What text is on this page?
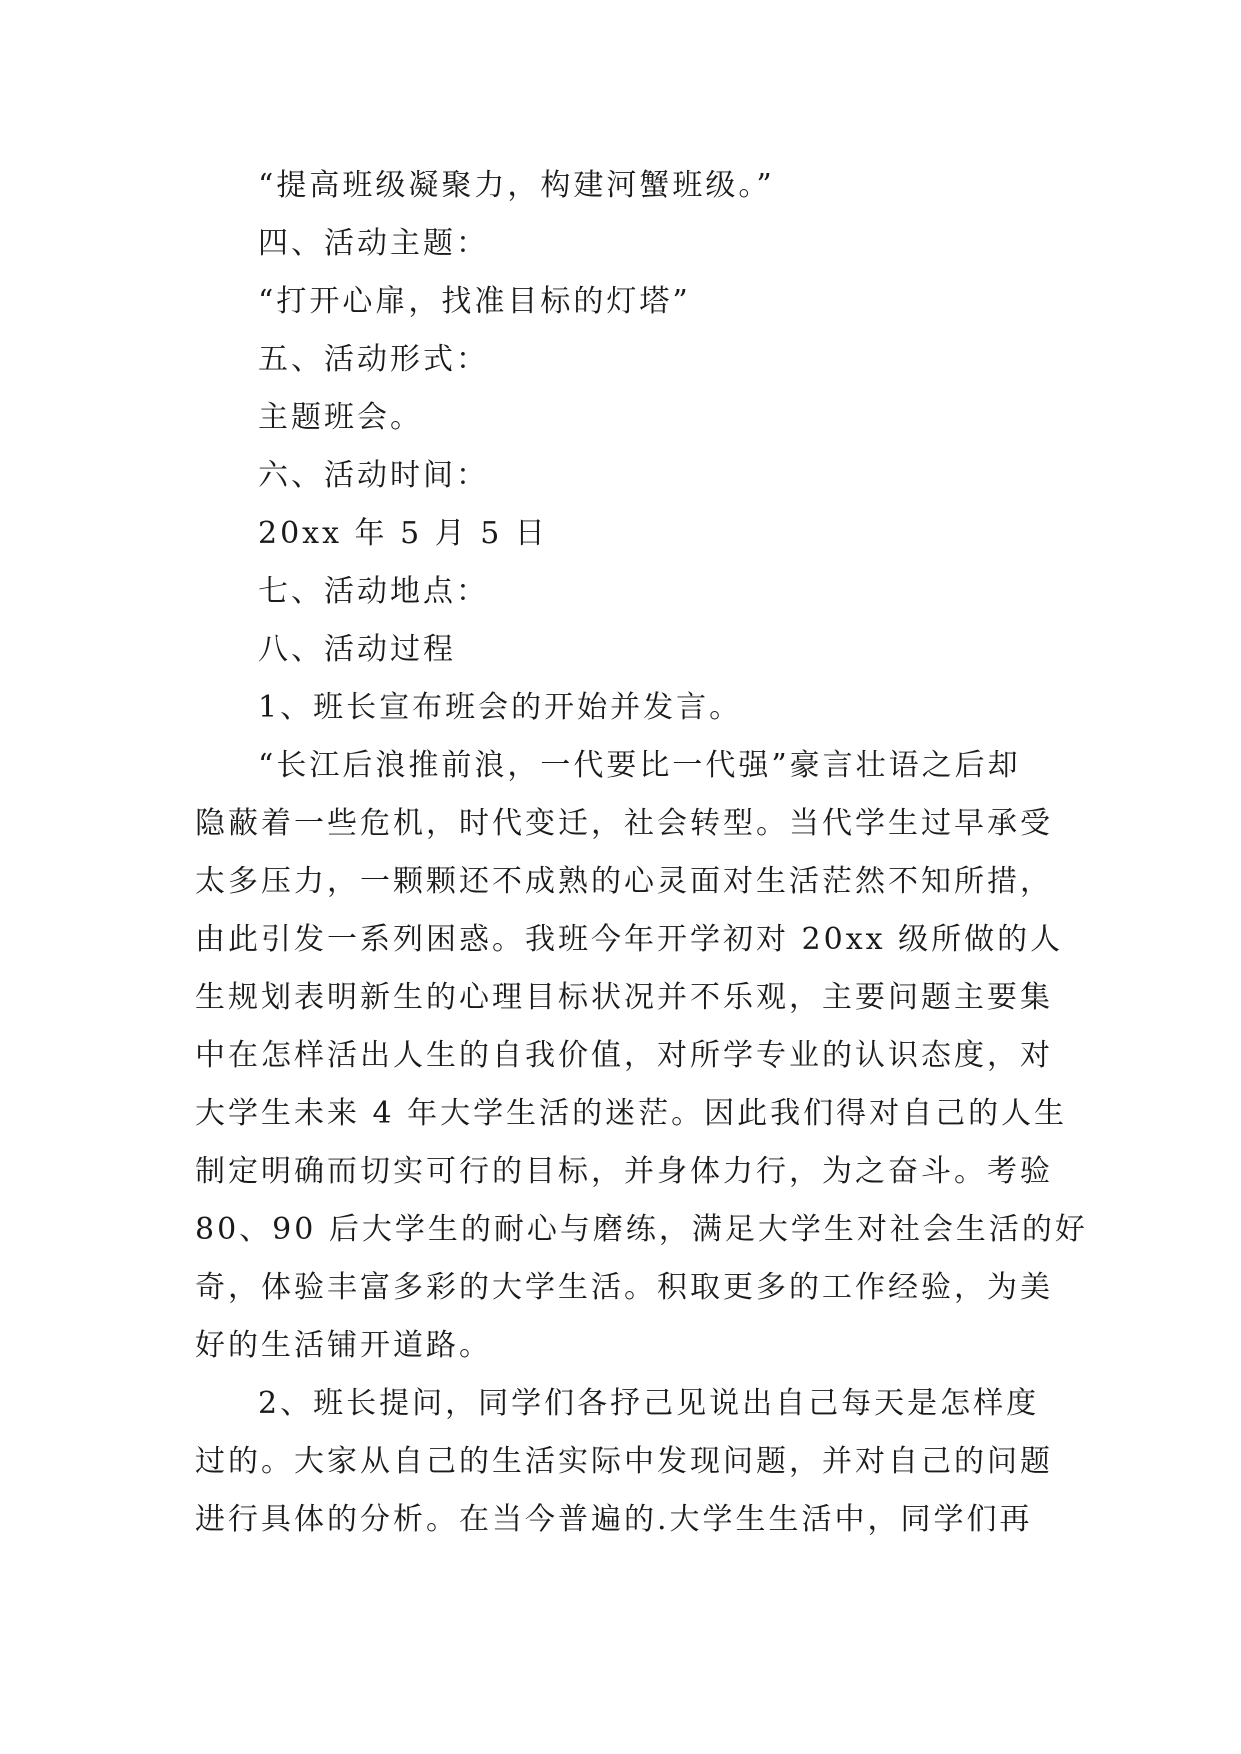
“提高班级凝聚力，构建河蟹班级。”
四、活动主题：
“打开心扉，找准目标的灯塔”
五、活动形式：
主题班会。
六、活动时间：
20xx 年 5 月 5 日
七、活动地点：
八、活动过程
1、班长宣布班会的开始并发言。
“长江后浪推前浪，一代要比一代强”豪言壮语之后却
隐蔽着一些危机，时代变迁，社会转型。当代学生过早承受
太多压力，一颗颗还不成熟的心灵面对生活茫然不知所措，
由此引发一系列困惑。我班今年开学初对 20xx 级所做的人
生规划表明新生的心理目标状况并不乐观，主要问题主要集
中在怎样活出人生的自我价值，对所学专业的认识态度，对
大学生未来 4 年大学生活的迷茫。因此我们得对自己的人生
制定明确而切实可行的目标，并身体力行，为之奋斗。考验
80、90 后大学生的耐心与磨练，满足大学生对社会生活的好
奇，体验丰富多彩的大学生活。积取更多的工作经验，为美
好的生活铺开道路。
2、班长提问，同学们各抒己见说出自己每天是怎样度
过的。大家从自己的生活实际中发现问题，并对自己的问题
进行具体的分析。在当今普遍的.大学生生活中，同学们再
